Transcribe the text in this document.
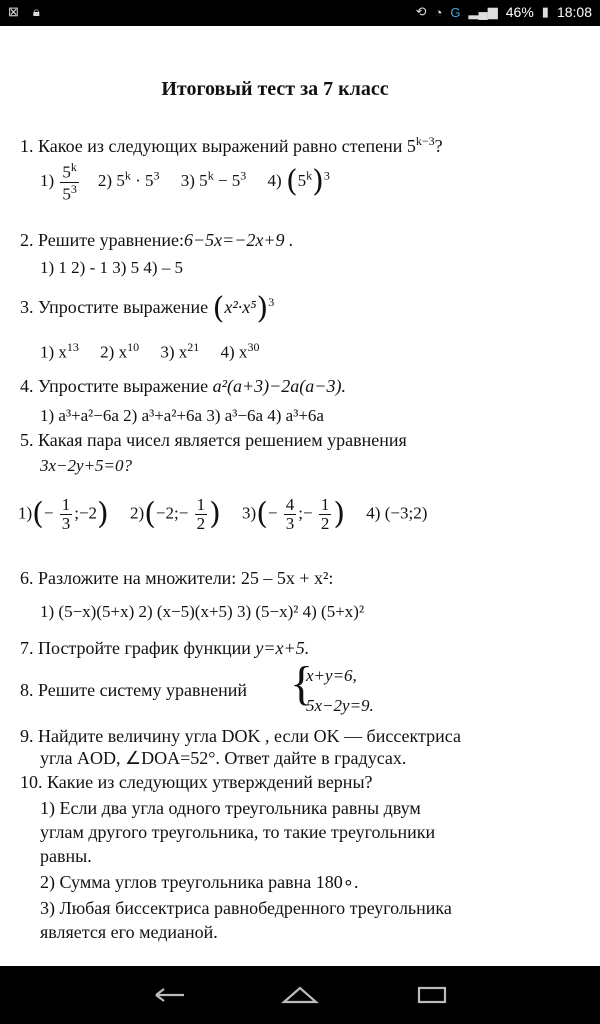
⊠ 🔒︎	⟲ ◔ G ▂▄▆ 46% ▮ 18:08
Итоговый тест за 7 класс
1. Какое из следующих выражений равно степени $5^{k-3}$?
$1) \frac{5^k}{5^3} 2$) $5^k \cdot 5^3$ 3) $5^k - 5^3$ 4) $(5^k)^3$
2. Решите уравнение:6−5x=−2x+9 .
1) 1 2) - 1 3) 5 4) – 5
3. Упростите выражение $(x^2\cdot x^5)^3$
1) $x^{13}$ 2) $x^{10}$ 3) $x^{21}$ 4) $x^{30}$
4. Упростите выражение a²(a+3)−2a(a−3).
1) a³+a²−6a 2) a³+a²+6a 3) a³−6a 4) a³+6a
5. Какая пара чисел является решением уравнения
3x−2y+5=0?
$1)(- \frac{1}{3}$ ;−2) 2)(−2;− $\frac{1}{2}$ ) $3)(- \frac{4}{3}$ ;− $\frac{1}{2}$ ) 4) (−3;2)
6. Разложите на множители: 25 – 5x + x²:
1) (5−x)(5+x) 2) (x−5)(x+5) 3) (5−x)² 4) (5+x)²
7. Постройте график функции y=x+5.
8. Решите систему уравнений {
x+y=6,
5x−2y=9.
9. Найдите величину угла DOK , если OK — биссектриса
угла AOD, ∠DOA=52°. Ответ дайте в градусах.
10. Какие из следующих утверждений верны?
1) Если два угла одного треугольника равны двум
углам другого треугольника, то такие треугольники
равны.
2) Сумма углов треугольника равна 180∘.
3) Любая биссектриса равнобедренного треугольника
является его медианой.
